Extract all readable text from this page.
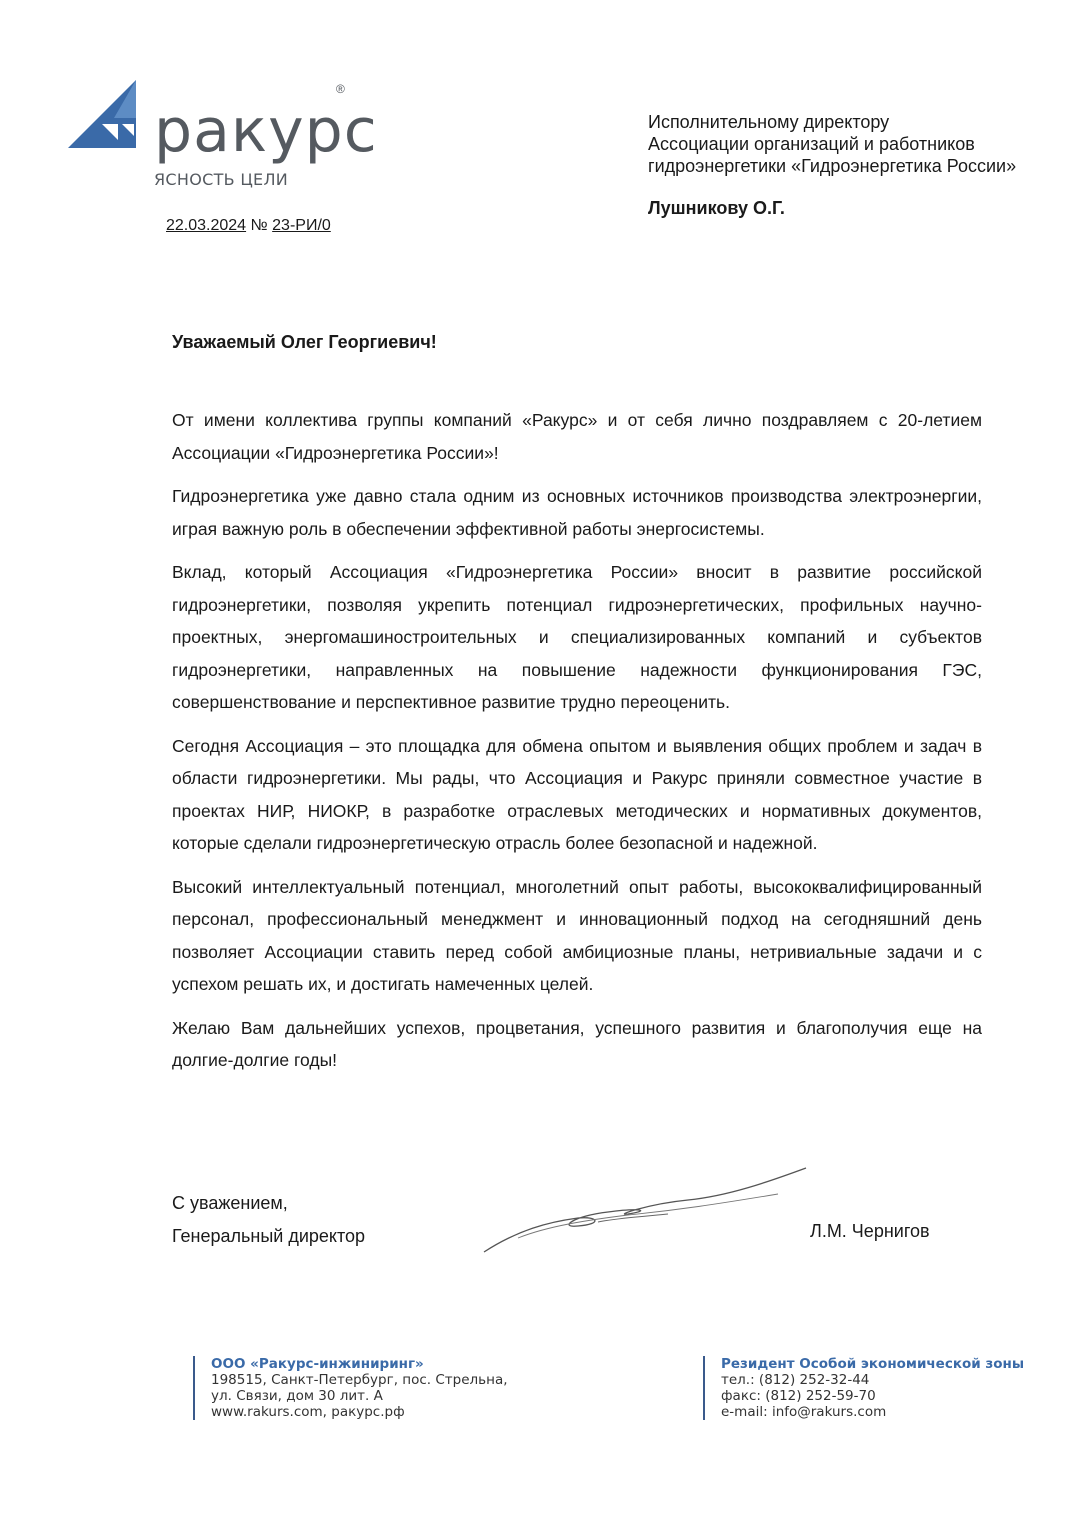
ракурс
®
ЯСНОСТЬ ЦЕЛИ
22.03.2024 № 23-РИ/0
Исполнительному директору
Ассоциации организаций и работников
гидроэнергетики «Гидроэнергетика России»
Лушникову О.Г.
Уважаемый Олег Георгиевич!

От имени коллектива группы компаний «Ракурс» и от себя лично поздравляем с 20-летием Ассоциации «Гидроэнергетика России»!

Гидроэнергетика уже давно стала одним из основных источников производства электроэнергии, играя важную роль в обеспечении эффективной работы энергосистемы.

Вклад, который Ассоциация «Гидроэнергетика России» вносит в развитие российской гидроэнергетики, позволяя укрепить потенциал гидроэнергетических, профильных научно-проектных, энергомашиностроительных и специализированных компаний и субъектов гидроэнергетики, направленных на повышение надежности функционирования ГЭС, совершенствование и перспективное развитие трудно переоценить.

Сегодня Ассоциация – это площадка для обмена опытом и выявления общих проблем и задач в области гидроэнергетики. Мы рады, что Ассоциация и Ракурс приняли совместное участие в проектах НИР, НИОКР, в разработке отраслевых методических и нормативных документов, которые сделали гидроэнергетическую отрасль более безопасной и надежной.

Высокий интеллектуальный потенциал, многолетний опыт работы, высококвалифицированный персонал, профессиональный менеджмент и инновационный подход на сегодняшний день позволяет Ассоциации ставить перед собой амбициозные планы, нетривиальные задачи и с успехом решать их, и достигать намеченных целей.

Желаю Вам дальнейших успехов, процветания, успешного развития и благополучия еще на долгие-долгие годы!

С уважением,
Генеральный директор	Л.М. Чернигов
ООО «Ракурс-инжиниринг»
198515, Санкт-Петербург, пос. Стрельна,
ул. Связи, дом 30 лит. А
www.rakurs.com, ракурс.рф
Резидент Особой экономической зоны
тел.: (812) 252-32-44
факс: (812) 252-59-70
e-mail: info@rakurs.com
